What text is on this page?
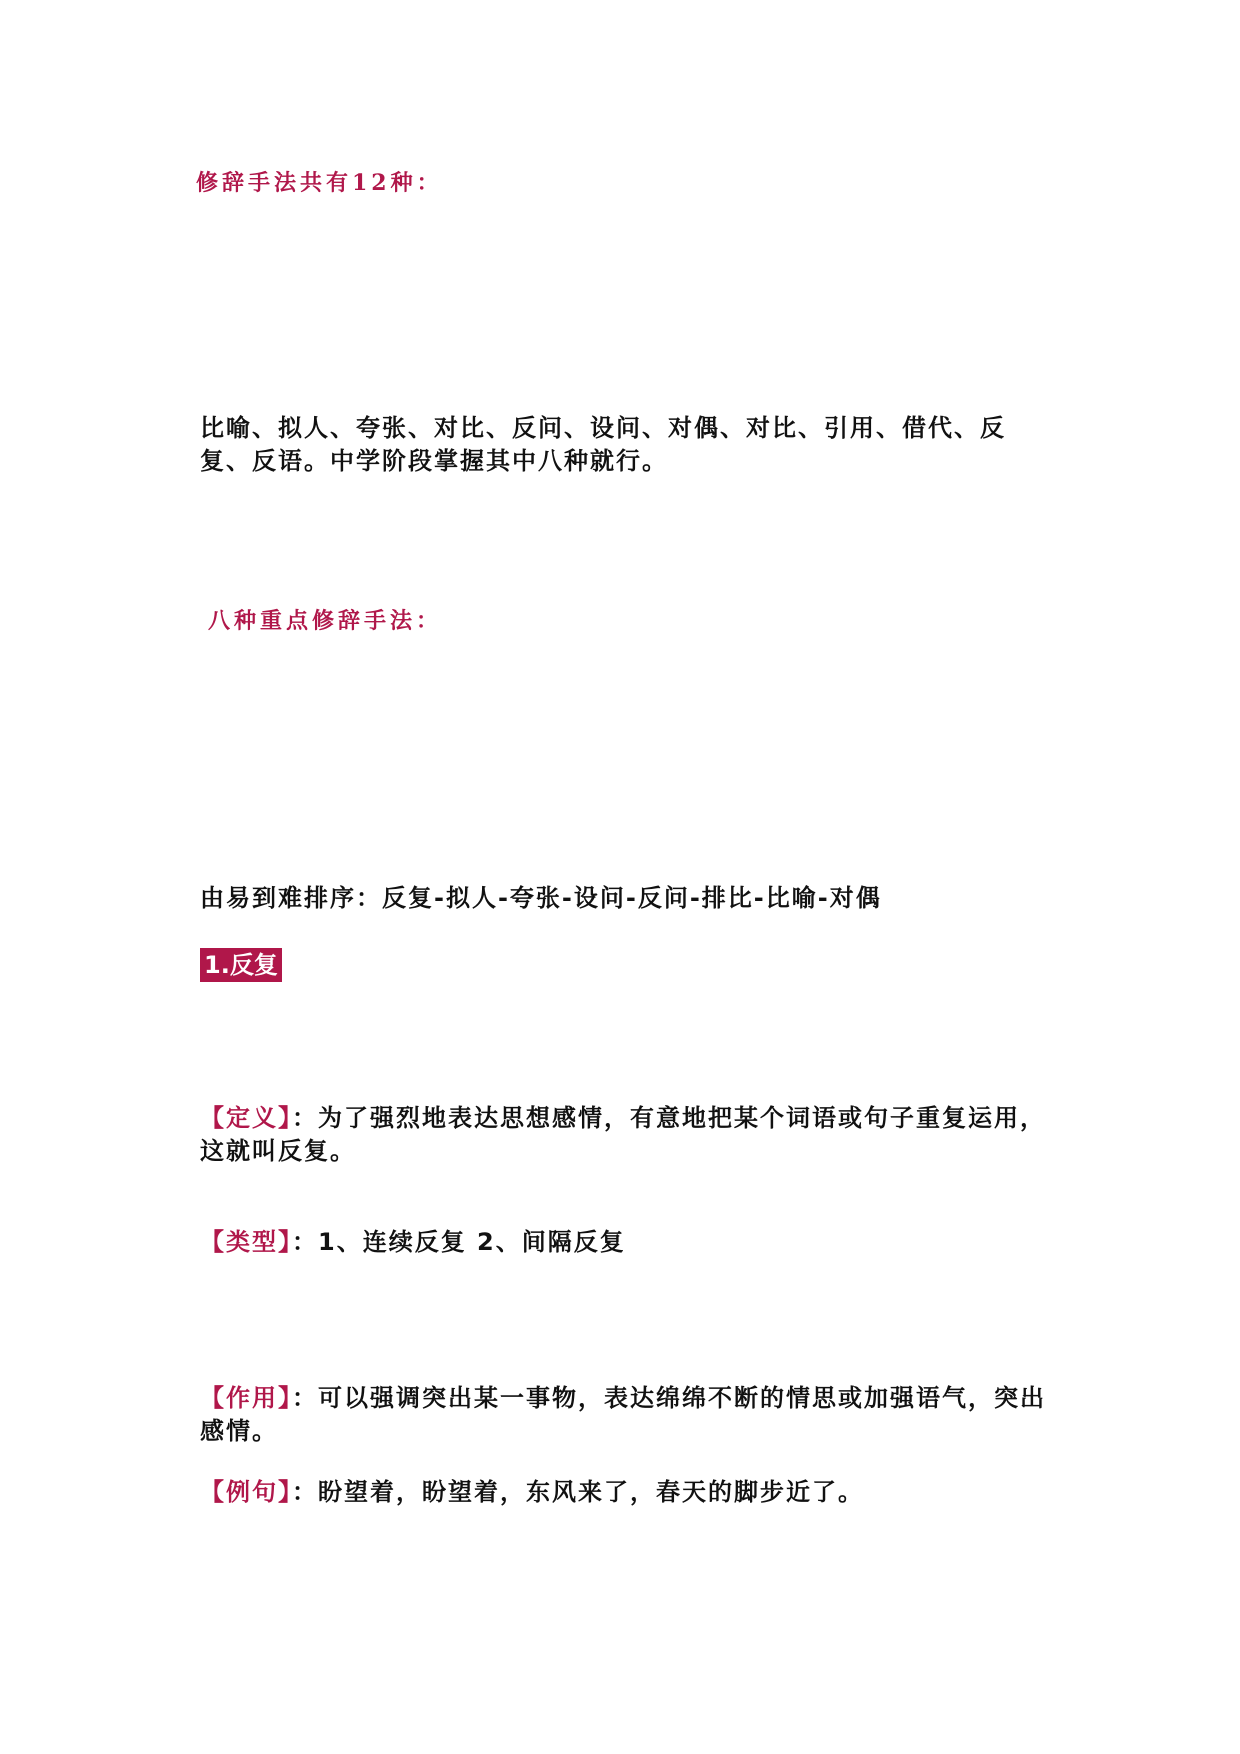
修辞手法共有12种：

比喻、拟人、夸张、对比、反问、设问、对偶、对比、引用、借代、反复、反语。中学阶段掌握其中八种就行。

八种重点修辞手法：

由易到难排序：反复-拟人-夸张-设问-反问-排比-比喻-对偶

1.反复

【定义】：为了强烈地表达思想感情，有意地把某个词语或句子重复运用，这就叫反复。

【类型】：1、连续反复 2、间隔反复

【作用】：可以强调突出某一事物，表达绵绵不断的情思或加强语气，突出感情。

【例句】：盼望着，盼望着，东风来了，春天的脚步近了。
